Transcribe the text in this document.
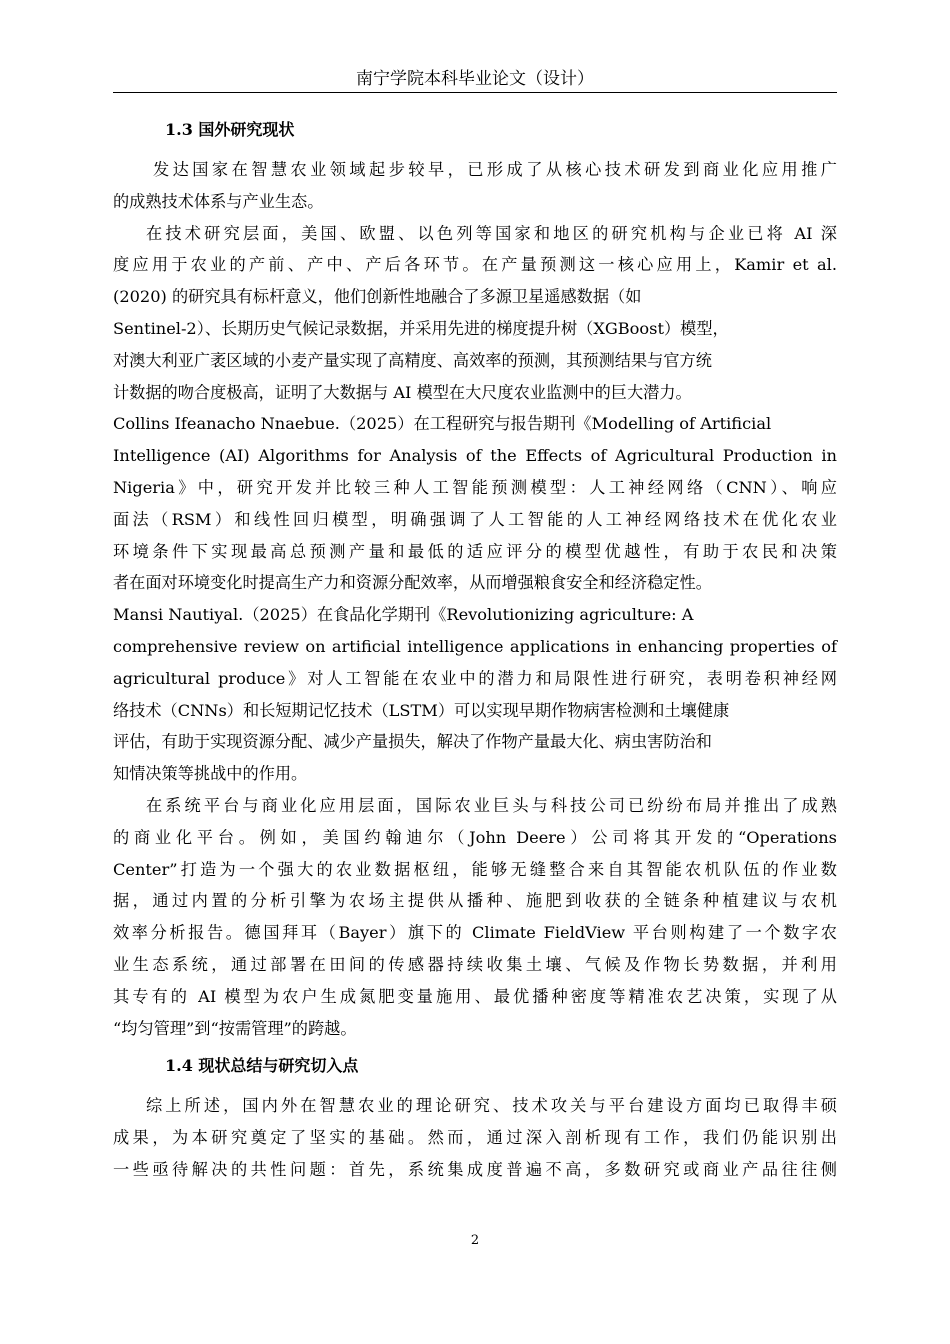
南宁学院本科毕业论文（设计）
1.3 国外研究现状

发达国家在智慧农业领域起步较早，已形成了从核心技术研发到商业化应用推广
的成熟技术体系与产业生态。

在技术研究层面，美国、欧盟、以色列等国家和地区的研究机构与企业已将 AI 深
度应用于农业的产前、产中、产后各环节。在产量预测这一核心应用上，Kamir et al.
(2020) 的研究具有标杆意义，他们创新性地融合了多源卫星遥感数据（如
Sentinel-2）、长期历史气候记录数据，并采用先进的梯度提升树（XGBoost）模型，
对澳大利亚广袤区域的小麦产量实现了高精度、高效率的预测，其预测结果与官方统
计数据的吻合度极高，证明了大数据与 AI 模型在大尺度农业监测中的巨大潜力。
Collins Ifeanacho Nnaebue.（2025）在工程研究与报告期刊《Modelling of Artificial
Intelligence (AI) Algorithms for Analysis of the Effects of Agricultural Production in
Nigeria》中，研究开发并比较三种人工智能预测模型：人工神经网络（CNN）、响应
面法（RSM）和线性回归模型，明确强调了人工智能的人工神经网络技术在优化农业
环境条件下实现最高总预测产量和最低的适应评分的模型优越性，有助于农民和决策
者在面对环境变化时提高生产力和资源分配效率，从而增强粮食安全和经济稳定性。
Mansi Nautiyal.（2025）在食品化学期刊《Revolutionizing agriculture: A
comprehensive review on artificial intelligence applications in enhancing properties of
agricultural produce》对人工智能在农业中的潜力和局限性进行研究，表明卷积神经网
络技术（CNNs）和长短期记忆技术（LSTM）可以实现早期作物病害检测和土壤健康
评估，有助于实现资源分配、减少产量损失，解决了作物产量最大化、病虫害防治和
知情决策等挑战中的作用。

在系统平台与商业化应用层面，国际农业巨头与科技公司已纷纷布局并推出了成熟
的商业化平台。例如，美国约翰迪尔（John Deere）公司将其开发的“Operations
Center”打造为一个强大的农业数据枢纽，能够无缝整合来自其智能农机队伍的作业数
据，通过内置的分析引擎为农场主提供从播种、施肥到收获的全链条种植建议与农机
效率分析报告。德国拜耳（Bayer）旗下的 Climate FieldView 平台则构建了一个数字农
业生态系统，通过部署在田间的传感器持续收集土壤、气候及作物长势数据，并利用
其专有的 AI 模型为农户生成氮肥变量施用、最优播种密度等精准农艺决策，实现了从
“均匀管理”到“按需管理”的跨越。

1.4 现状总结与研究切入点

综上所述，国内外在智慧农业的理论研究、技术攻关与平台建设方面均已取得丰硕
成果，为本研究奠定了坚实的基础。然而，通过深入剖析现有工作，我们仍能识别出
一些亟待解决的共性问题：首先，系统集成度普遍不高，多数研究或商业产品往往侧

2
